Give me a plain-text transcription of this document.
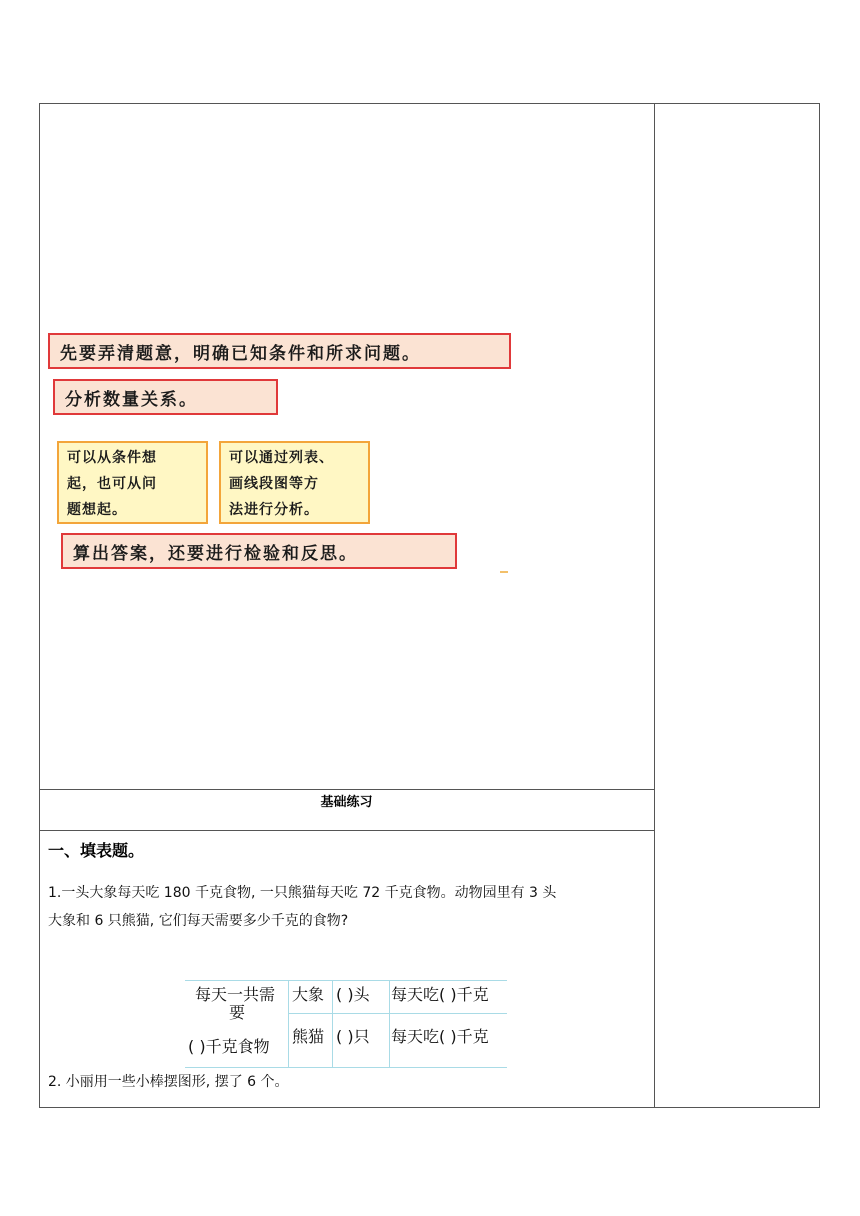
先要弄清题意，明确已知条件和所求问题。
分析数量关系。
可以从条件想
起，也可从问
题想起。
可以通过列表、
画线段图等方
法进行分析。
算出答案，还要进行检验和反思。
基础练习
一、填表题。
1.一头大象每天吃 180 千克食物, 一只熊猫每天吃 72 千克食物。动物园里有 3 头
大象和 6 只熊猫, 它们每天需要多少千克的食物?
每天一共需
要
( )千克食物
大象 ( )头 每天吃( )千克
熊猫 ( )只 每天吃( )千克
2. 小丽用一些小棒摆图形, 摆了 6 个。
